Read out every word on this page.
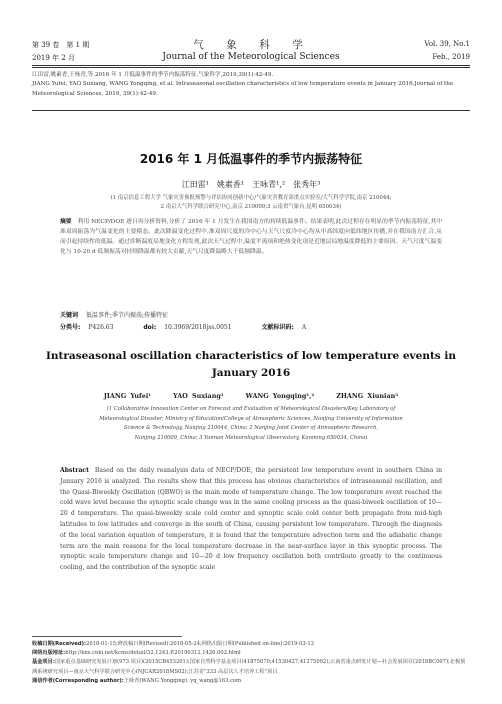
第 39 卷　第 1 期	气　象　科　学	Vol. 39, No.1
2019 年 2 月	Journal of the Meteorological Sciences	Feb., 2019
江田雷,姚素香,王咏青,等.2016 年 1 月低温事件的季节内振荡特征.气象科学,2019,39(1):42-49.
JIANG Yufei, YAO Suxiang, WANG Yongqing, et al. Intraseasonal oscillation characteristics of low temperature events in January 2016.Journal of the Meteorological Sciences, 2019, 39(1):42-49.
2016 年 1 月低温事件的季节内振荡特征
江田雷¹　姚素香¹　王咏青¹,²　张秀年³
(1 南京信息工程大学 气象灾害预报预警与评估协同创新中心/气象灾害教育部重点实验室/大气科学学院,南京 210044;
2 南京大气科学联合研究中心,南京 210009;3 云南省气象台,昆明 650034)
摘要 利用 NECP/DOE 逐日再分析资料,分析了 2016 年 1 月发生在我国南方的持续低温事件。结果表明,此次过程存在明显的季节内振荡特征,其中准双周振荡为气温变化的主要模态。此次降温变化过程中,准双周尺度的冷中心与天气尺度冷中心均从中高纬度向低纬地区传播,并在我国南方汇合,从而引起持续性的低温。通过诊断温度局地变化方程发现,此次天气过程中,温度平流项和绝热变化项是近地层局地温度降低的主要原因。天气尺度气温变化与 10-20 d 低频振荡对持续降温都有较大贡献,天气尺度降温略大于低频降温。
关键词 低温事件;季节内振荡;传播特征
分类号: P426.63	doi: 10.3969/2018jss.0051	文献标识码: A
Intraseasonal oscillation characteristics of low temperature events in January 2016
JIANG Yufei¹	YAO Suxiang¹	WANG Yongqing¹,²	ZHANG Xiunian³
(1 Collaborative Innovation Center on Forecast and Evaluation of Meteorological Disasters/Key Laboratory of
Meteorological Disaster, Ministry of Education/College of Atmospheric Sciences, Nanjing University of Information
Science & Technology, Nanjing 210044, China; 2 Nanjing Joint Center of Atmospheric Research,
Nanjing 210009, China; 3 Yunnan Meteorological Observatory, Kunming 650034, China)
Abstract Based on the daily reanalysis data of NECP/DOE, the persistent low temperature event in southern China in January 2016 is analyzed. The results show that this process has obvious characteristics of intraseasonal oscillation, and the Quasi-Biweekly Oscillation (QBWO) is the main mode of temperature change. The low temperature event reached the cold wave level because the synoptic scale change was in the same cooling process as the quasi-biweek oscillation of 10—20 d temperature. The quasi-biweekly scale cold center and synoptic scale cold center both propagate from mid-high latitudes to low latitudes and converge in the south of China, causing persistent low temperature. Through the diagnosis of the local variation equation of temperature, it is found that the temperature advection term and the adiabatic change term are the main reasons for the local temperature decrease in the near-surface layer in this synoptic process. The synoptic scale temperature change and 10—20 d low frequency oscillation both contribute greatly to the continuous cooling, and the contribution of the synoptic scale
收稿日期(Received):2018-01-15;修改稿日期(Revised):2018-05-24;网络出版日期(Published on-line):2019-03-12
网络出版地址:http://kns.cnki.net/kcms/detail/32.1243.P.20190312.1426.002.html
基金项目:国家重点基础研究发展计划(973 项目)(2015CB453201);国家自然科学基金项目(41875070;41530427;41275092);云南省重点研发计划—社会发展项目(2018BC007);北极预测系统研究项目—南京大气科学联合研究中心(NJCAR2018MS02);江苏省"333 高层次人才培养工程"项目
通信作者(Corresponding author):王咏青(WANG Yongqing). yq_wang@163.com
